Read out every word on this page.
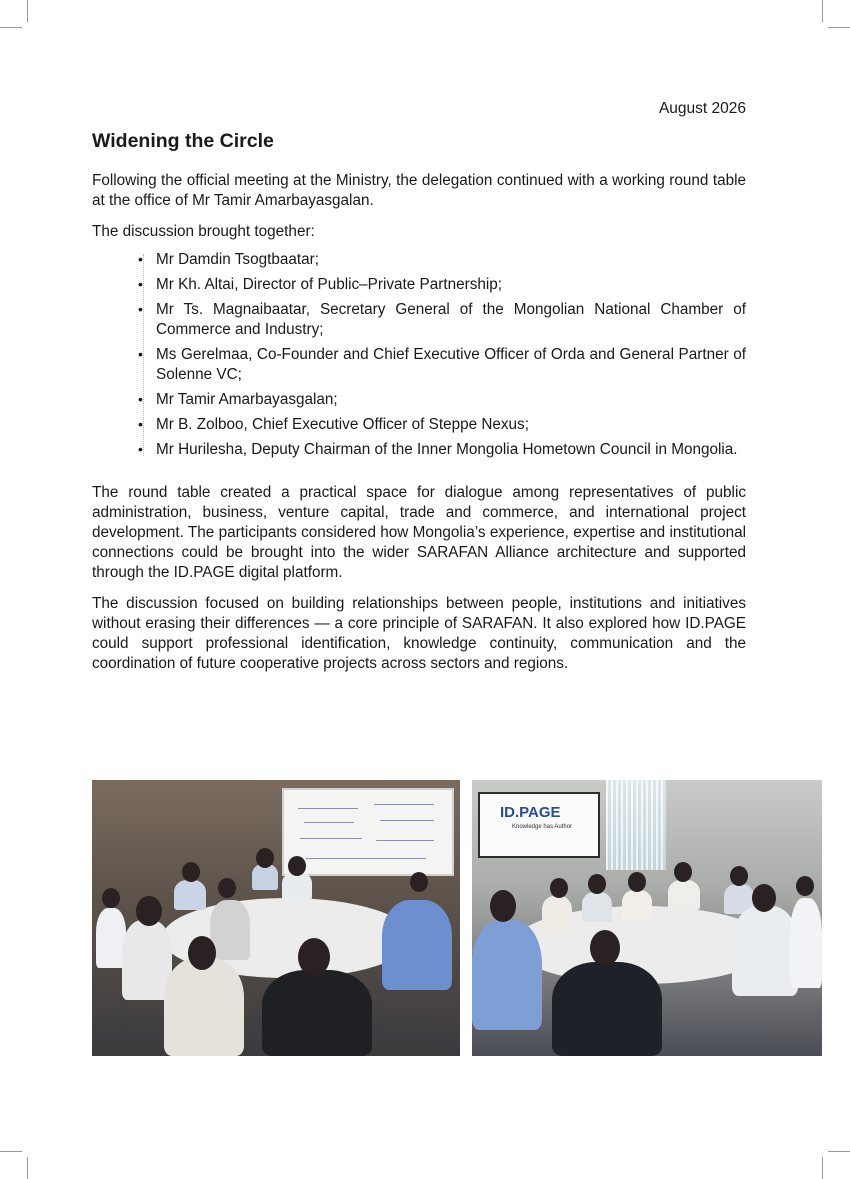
August 2026
Widening the Circle

Following the official meeting at the Ministry, the delegation continued with a working round table at the office of Mr Tamir Amarbayasgalan.

The discussion brought together:

• Mr Damdin Tsogtbaatar;
• Mr Kh. Altai, Director of Public–Private Partnership;
• Mr Ts. Magnaibaatar, Secretary General of the Mongolian National Chamber of Commerce and Industry;
• Ms Gerelmaa, Co-Founder and Chief Executive Officer of Orda and General Partner of Solenne VC;
• Mr Tamir Amarbayasgalan;
• Mr B. Zolboo, Chief Executive Officer of Steppe Nexus;
• Mr Hurilesha, Deputy Chairman of the Inner Mongolia Hometown Council in Mongolia.

The round table created a practical space for dialogue among representatives of public administration, business, venture capital, trade and commerce, and international project development. The participants considered how Mongolia’s experience, expertise and institutional connections could be brought into the wider SARAFAN Alliance architecture and supported through the ID.PAGE digital platform.

The discussion focused on building relationships between people, institutions and initiatives without erasing their differences — a core principle of SARAFAN. It also explored how ID.PAGE could support professional identification, knowledge continuity, communication and the coordination of future cooperative projects across sectors and regions.

ID.PAGE
Knowledge has Author
